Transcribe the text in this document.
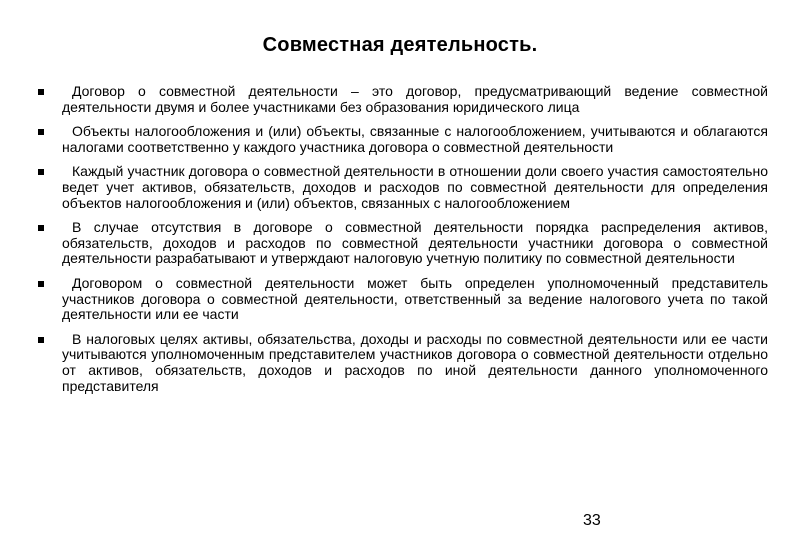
Совместная деятельность.
Договор о совместной деятельности – это договор, предусматривающий ведение совместной деятельности двумя и более участниками без образования юридического лица
Объекты налогообложения и (или) объекты, связанные с налогообложением, учитываются и облагаются налогами соответственно у каждого участника договора о совместной деятельности
Каждый участник договора о совместной деятельности в отношении доли своего участия самостоятельно ведет учет активов, обязательств, доходов и расходов по совместной деятельности для определения объектов налогообложения и (или) объектов, связанных с налогообложением
В случае отсутствия в договоре о совместной деятельности порядка распределения активов, обязательств, доходов и расходов по совместной деятельности участники договора о совместной деятельности разрабатывают и утверждают налоговую учетную политику по совместной деятельности
Договором о совместной деятельности может быть определен уполномоченный представитель участников договора о совместной деятельности, ответственный за ведение налогового учета по такой деятельности или ее части
В налоговых целях активы, обязательства, доходы и расходы по совместной деятельности или ее части учитываются уполномоченным представителем участников договора о совместной деятельности отдельно от активов, обязательств, доходов и расходов по иной деятельности данного уполномоченного представителя
33
